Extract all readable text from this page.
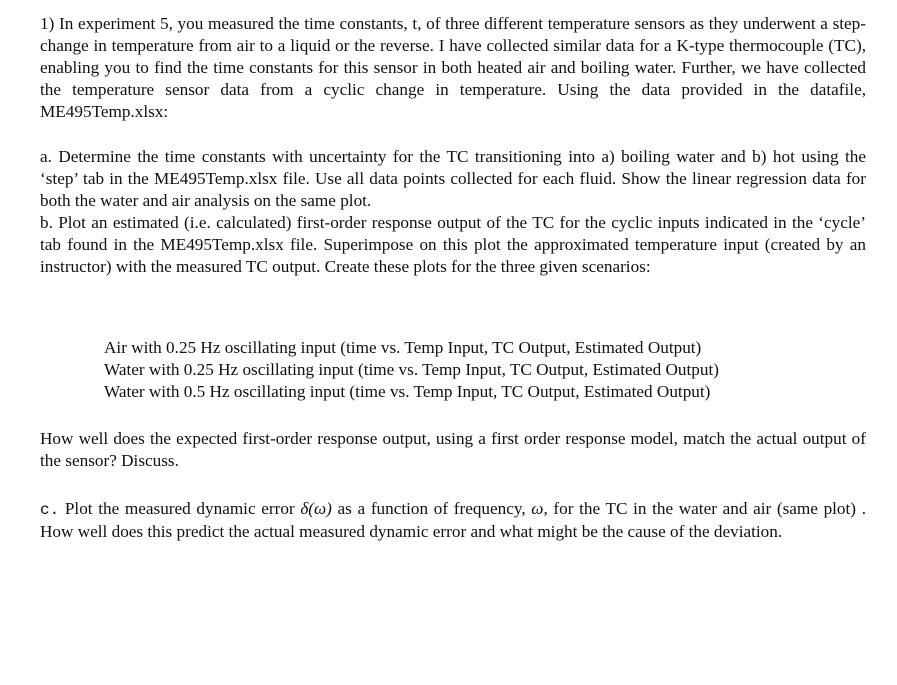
1) In experiment 5, you measured the time constants, t, of three different temperature sensors as they underwent a step-change in temperature from air to a liquid or the reverse. I have collected similar data for a K-type thermocouple (TC), enabling you to find the time constants for this sensor in both heated air and boiling water. Further, we have collected the temperature sensor data from a cyclic change in temperature. Using the data provided in the datafile, ME495Temp.xlsx:

a. Determine the time constants with uncertainty for the TC transitioning into a) boiling water and b) hot using the ‘step’ tab in the ME495Temp.xlsx file. Use all data points collected for each fluid. Show the linear regression data for both the water and air analysis on the same plot.

b. Plot an estimated (i.e. calculated) first-order response output of the TC for the cyclic inputs indicated in the ‘cycle’ tab found in the ME495Temp.xlsx file. Superimpose on this plot the approximated temperature input (created by an instructor) with the measured TC output. Create these plots for the three given scenarios:

Air with 0.25 Hz oscillating input (time vs. Temp Input, TC Output, Estimated Output)

Water with 0.25 Hz oscillating input (time vs. Temp Input, TC Output, Estimated Output)

Water with 0.5 Hz oscillating input (time vs. Temp Input, TC Output, Estimated Output)

How well does the expected first-order response output, using a first order response model, match the actual output of the sensor? Discuss.

c. Plot the measured dynamic error δ(ω) as a function of frequency, ω, for the TC in the water and air (same plot) . How well does this predict the actual measured dynamic error and what might be the cause of the deviation.
